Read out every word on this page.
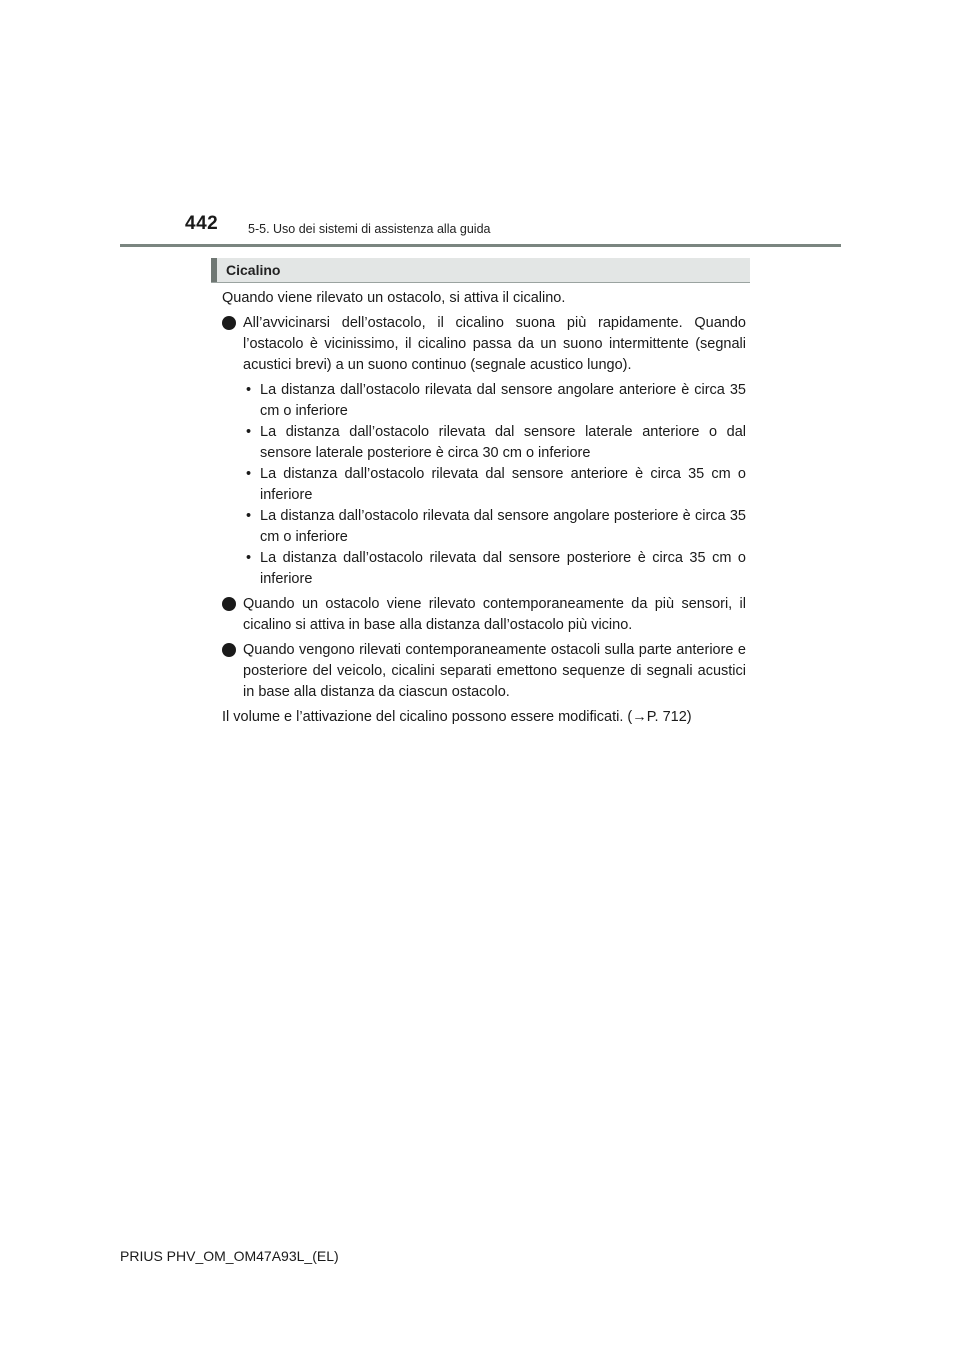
442 5-5. Uso dei sistemi di assistenza alla guida
Cicalino

Quando viene rilevato un ostacolo, si attiva il cicalino.

All’avvicinarsi dell’ostacolo, il cicalino suona più rapidamente. Quando l’ostacolo è vicinissimo, il cicalino passa da un suono intermittente (segnali acustici brevi) a un suono continuo (segnale acustico lungo).

• La distanza dall’ostacolo rilevata dal sensore angolare anteriore è circa 35 cm o inferiore
• La distanza dall’ostacolo rilevata dal sensore laterale anteriore o dal sensore laterale posteriore è circa 30 cm o inferiore
• La distanza dall’ostacolo rilevata dal sensore anteriore è circa 35 cm o inferiore
• La distanza dall’ostacolo rilevata dal sensore angolare posteriore è circa 35 cm o inferiore
• La distanza dall’ostacolo rilevata dal sensore posteriore è circa 35 cm o inferiore

Quando un ostacolo viene rilevato contemporaneamente da più sensori, il cicalino si attiva in base alla distanza dall’ostacolo più vicino.

Quando vengono rilevati contemporaneamente ostacoli sulla parte anteriore e posteriore del veicolo, cicalini separati emettono sequenze di segnali acustici in base alla distanza da ciascun ostacolo.

Il volume e l’attivazione del cicalino possono essere modificati. (→P. 712)

PRIUS PHV_OM_OM47A93L_(EL)
